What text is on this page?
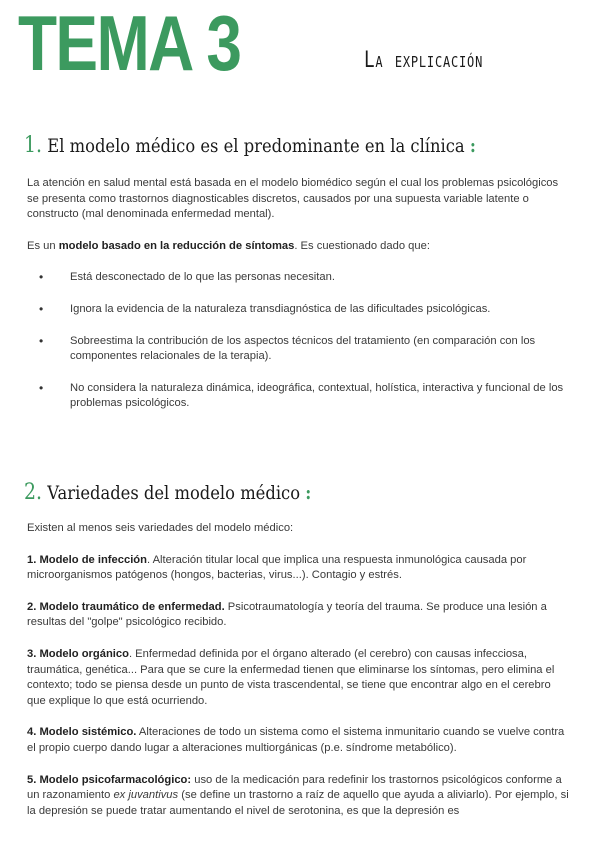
TEMA 3	La explicación
1. El modelo médico es el predominante en la clínica :

La atención en salud mental está basada en el modelo biomédico según el cual los problemas psicológicos se presenta como trastornos diagnosticables discretos, causados por una supuesta variable latente o constructo (mal denominada enfermedad mental).

Es un modelo basado en la reducción de síntomas. Es cuestionado dado que:

• Está desconectado de lo que las personas necesitan.
• Ignora la evidencia de la naturaleza transdiagnóstica de las dificultades psicológicas.
• Sobreestima la contribución de los aspectos técnicos del tratamiento (en comparación con los componentes relacionales de la terapia).
• No considera la naturaleza dinámica, ideográfica, contextual, holística, interactiva y funcional de los problemas psicológicos.
2. Variedades del modelo médico :

Existen al menos seis variedades del modelo médico:

1. Modelo de infección. Alteración titular local que implica una respuesta inmunológica causada por microorganismos patógenos (hongos, bacterias, virus...). Contagio y estrés.

2. Modelo traumático de enfermedad. Psicotraumatología y teoría del trauma. Se produce una lesión a resultas del "golpe" psicológico recibido.

3. Modelo orgánico. Enfermedad definida por el órgano alterado (el cerebro) con causas infecciosa, traumática, genética... Para que se cure la enfermedad tienen que eliminarse los síntomas, pero elimina el contexto; todo se piensa desde un punto de vista trascendental, se tiene que encontrar algo en el cerebro que explique lo que está ocurriendo.

4. Modelo sistémico. Alteraciones de todo un sistema como el sistema inmunitario cuando se vuelve contra el propio cuerpo dando lugar a alteraciones multiorgánicas (p.e. síndrome metabólico).

5. Modelo psicofarmacológico: uso de la medicación para redefinir los trastornos psicológicos conforme a un razonamiento ex juvantivus (se define un trastorno a raíz de aquello que ayuda a aliviarlo). Por ejemplo, si la depresión se puede tratar aumentando el nivel de serotonina, es que la depresión es
